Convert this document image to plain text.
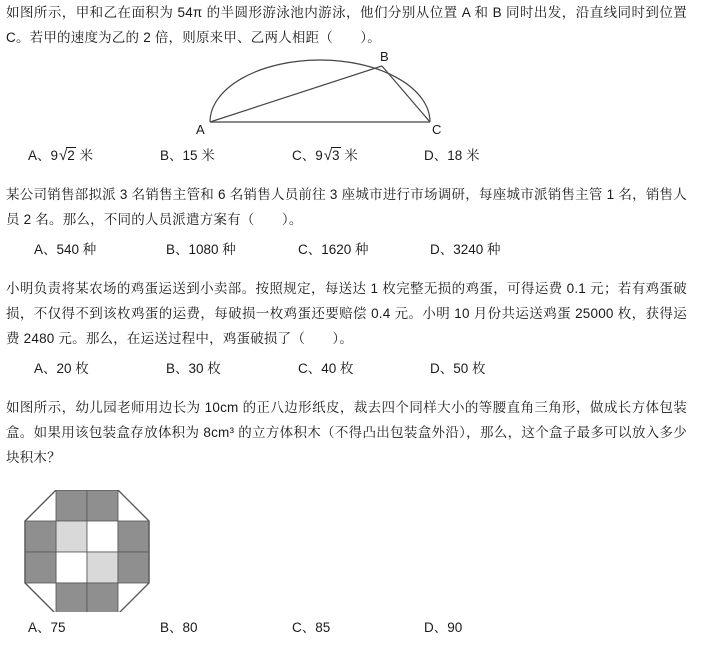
如图所示，甲和乙在面积为 54π 的半圆形游泳池内游泳，他们分别从位置 A 和 B 同时出发，沿直线同时到位置 C。若甲的速度为乙的 2 倍，则原来甲、乙两人相距（　　）。
A	C
B
A、9√2 米	B、15 米	C、9√3 米	D、18 米
某公司销售部拟派 3 名销售主管和 6 名销售人员前往 3 座城市进行市场调研，每座城市派销售主管 1 名，销售人员 2 名。那么，不同的人员派遣方案有（　　）。
A、540 种	B、1080 种	C、1620 种	D、3240 种
小明负责将某农场的鸡蛋运送到小卖部。按照规定，每送达 1 枚完整无损的鸡蛋，可得运费 0.1 元；若有鸡蛋破损，不仅得不到该枚鸡蛋的运费，每破损一枚鸡蛋还要赔偿 0.4 元。小明 10 月份共运送鸡蛋 25000 枚，获得运费 2480 元。那么，在运送过程中，鸡蛋破损了（　　）。
A、20 枚	B、30 枚	C、40 枚	D、50 枚
如图所示，幼儿园老师用边长为 10cm 的正八边形纸皮，裁去四个同样大小的等腰直角三角形，做成长方体包装盒。如果用该包装盒存放体积为 8cm³ 的立方体积木（不得凸出包装盒外沿），那么，这个盒子最多可以放入多少块积木？
A、75	B、80	C、85	D、90
